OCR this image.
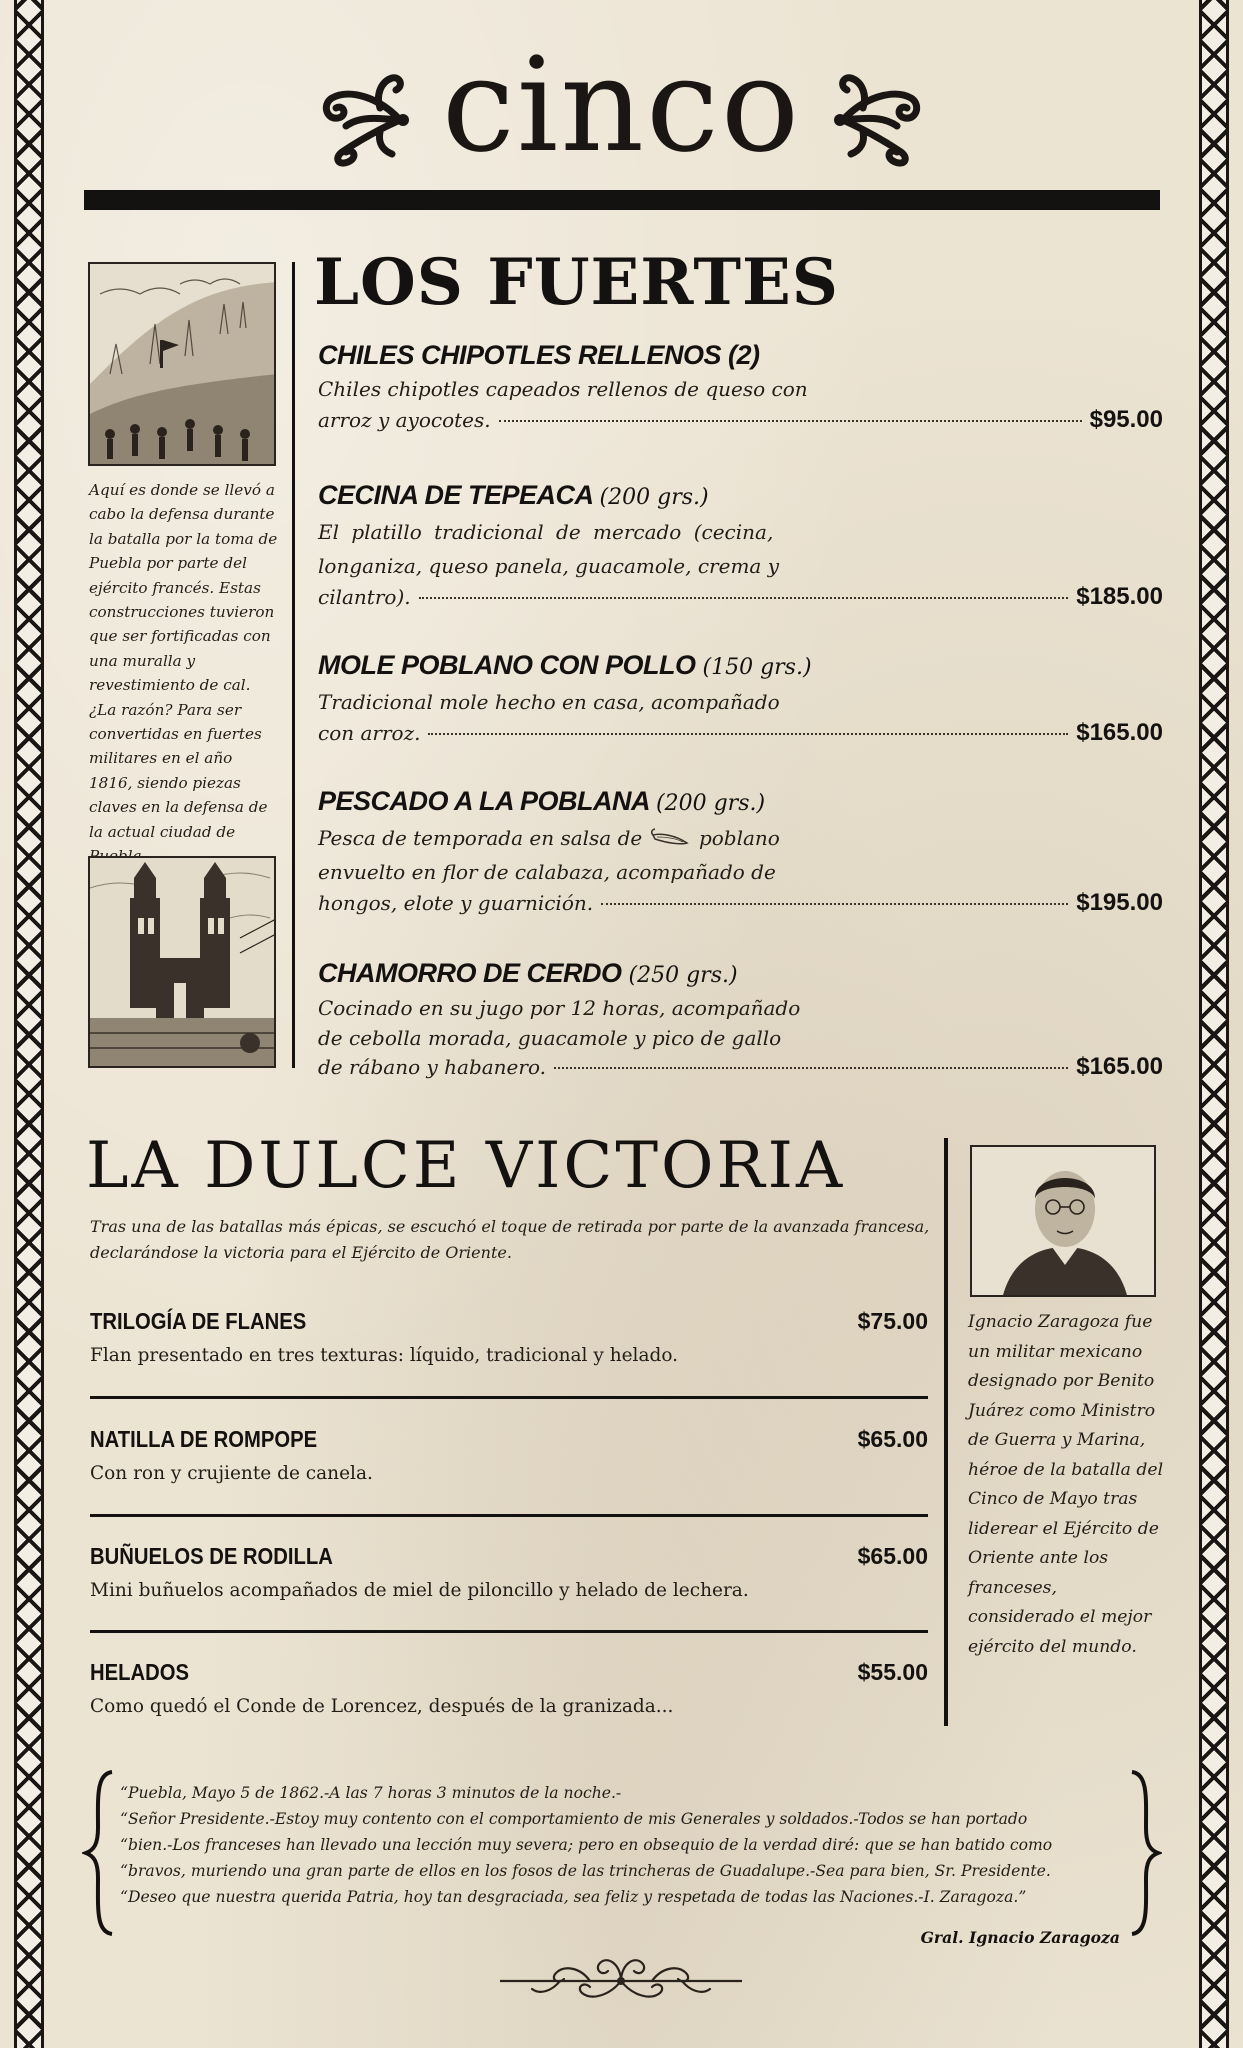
cinco
Aquí es donde se llevó a cabo la defensa durante la batalla por la toma de Puebla por parte del ejército francés. Estas construcciones tuvieron que ser fortificadas con una muralla y revestimiento de cal. ¿La razón? Para ser convertidas en fuertes militares en el año 1816, siendo piezas claves en la defensa de la actual ciudad de
LOS FUERTES
CHILES CHIPOTLES RELLENOS (2)
Chiles chipotles capeados rellenos de queso con
arroz y ayocotes.	$95.00
CECINA DE TEPEACA (200 grs.)
El platillo tradicional de mercado (cecina,
longaniza, queso panela, guacamole, crema y
cilantro).	$185.00
MOLE POBLANO CON POLLO (150 grs.)
Tradicional mole hecho en casa, acompañado
con arroz.	$165.00
PESCADO A LA POBLANA (200 grs.)
Pesca de temporada en salsa de	poblano
envuelto en flor de calabaza, acompañado de
hongos, elote y guarnición.	$195.00
CHAMORRO DE CERDO (250 grs.)
Cocinado en su jugo por 12 horas, acompañado
de cebolla morada, guacamole y pico de gallo
de rábano y habanero.	$165.00
LA DULCE VICTORIA
Tras una de las batallas más épicas, se escuchó el toque de retirada por parte de la avanzada francesa, declarándose la victoria para el Ejército de Oriente.
TRILOGÍA DE FLANES	$75.00
Flan presentado en tres texturas: líquido, tradicional y helado.
NATILLA DE ROMPOPE	$65.00
Con ron y crujiente de canela.
BUÑUELOS DE RODILLA	$65.00
Mini buñuelos acompañados de miel de piloncillo y helado de lechera.
HELADOS	$55.00
Como quedó el Conde de Lorencez, después de la granizada...
Ignacio Zaragoza fue un militar mexicano designado por Benito Juárez como Ministro de Guerra y Marina, héroe de la batalla del Cinco de Mayo tras liderear el Ejército de Oriente ante los franceses, considerado el mejor ejército del mundo.
“Puebla, Mayo 5 de 1862.-A las 7 horas 3 minutos de la noche.-
“Señor Presidente.-Estoy muy contento con el comportamiento de mis Generales y soldados.-Todos se han portado
“bien.-Los franceses han llevado una lección muy severa; pero en obsequio de la verdad diré: que se han batido como
“bravos, muriendo una gran parte de ellos en los fosos de las trincheras de Guadalupe.-Sea para bien, Sr. Presidente.
“Deseo que nuestra querida Patria, hoy tan desgraciada, sea feliz y respetada de todas las Naciones.-I. Zaragoza.”
Gral. Ignacio Zaragoza
